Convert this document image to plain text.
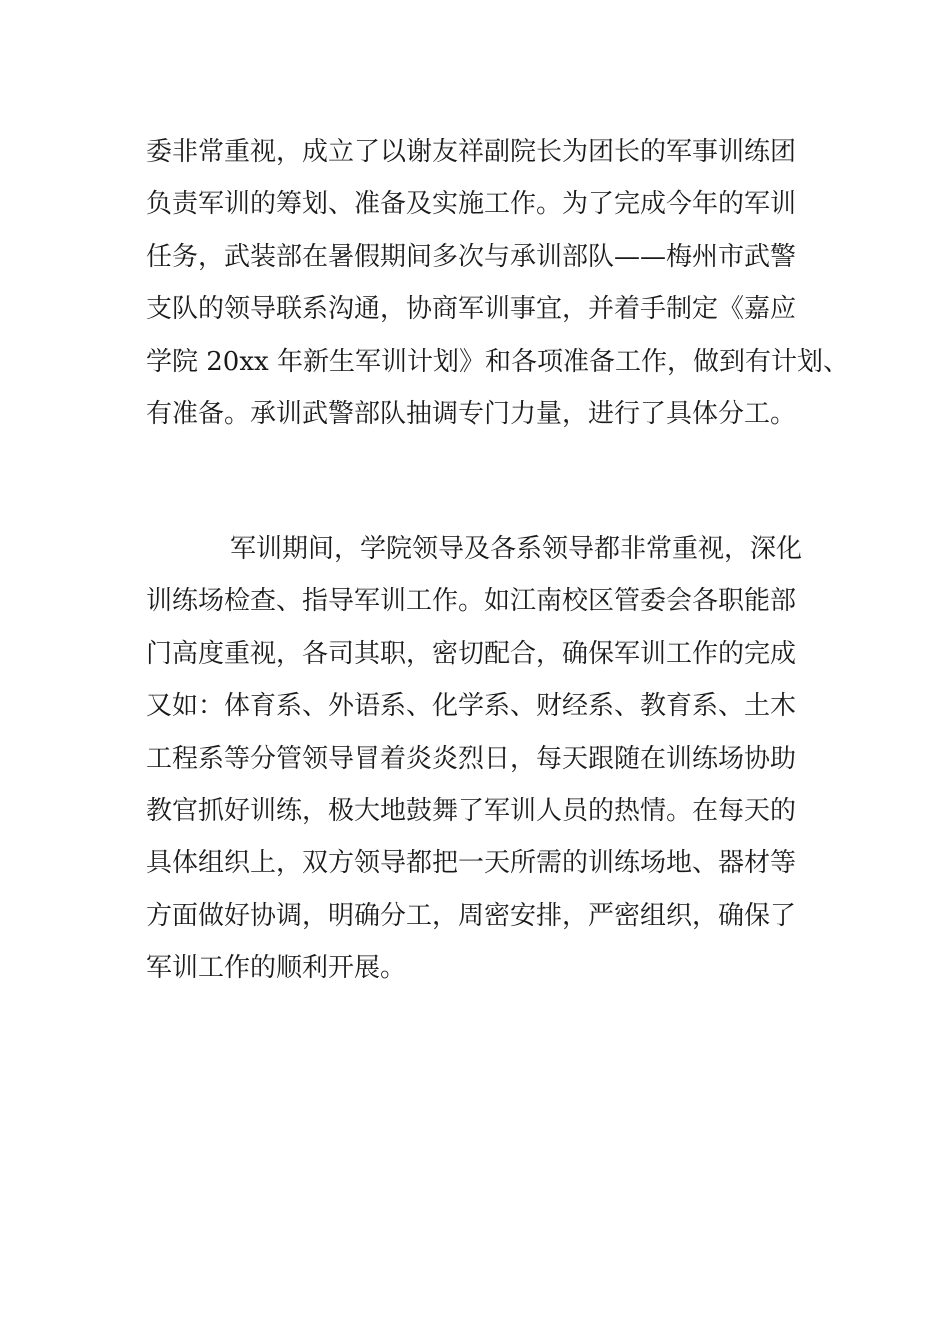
委非常重视，成立了以谢友祥副院长为团长的军事训练团
负责军训的筹划、准备及实施工作。为了完成今年的军训
任务，武装部在暑假期间多次与承训部队——梅州市武警
支队的领导联系沟通，协商军训事宜，并着手制定《嘉应
学院 20xx 年新生军训计划》和各项准备工作，做到有计划、
有准备。承训武警部队抽调专门力量，进行了具体分工。

军训期间，学院领导及各系领导都非常重视，深化
训练场检查、指导军训工作。如江南校区管委会各职能部
门高度重视，各司其职，密切配合，确保军训工作的完成
又如：体育系、外语系、化学系、财经系、教育系、土木
工程系等分管领导冒着炎炎烈日，每天跟随在训练场协助
教官抓好训练，极大地鼓舞了军训人员的热情。在每天的
具体组织上，双方领导都把一天所需的训练场地、器材等
方面做好协调，明确分工，周密安排，严密组织，确保了
军训工作的顺利开展。
